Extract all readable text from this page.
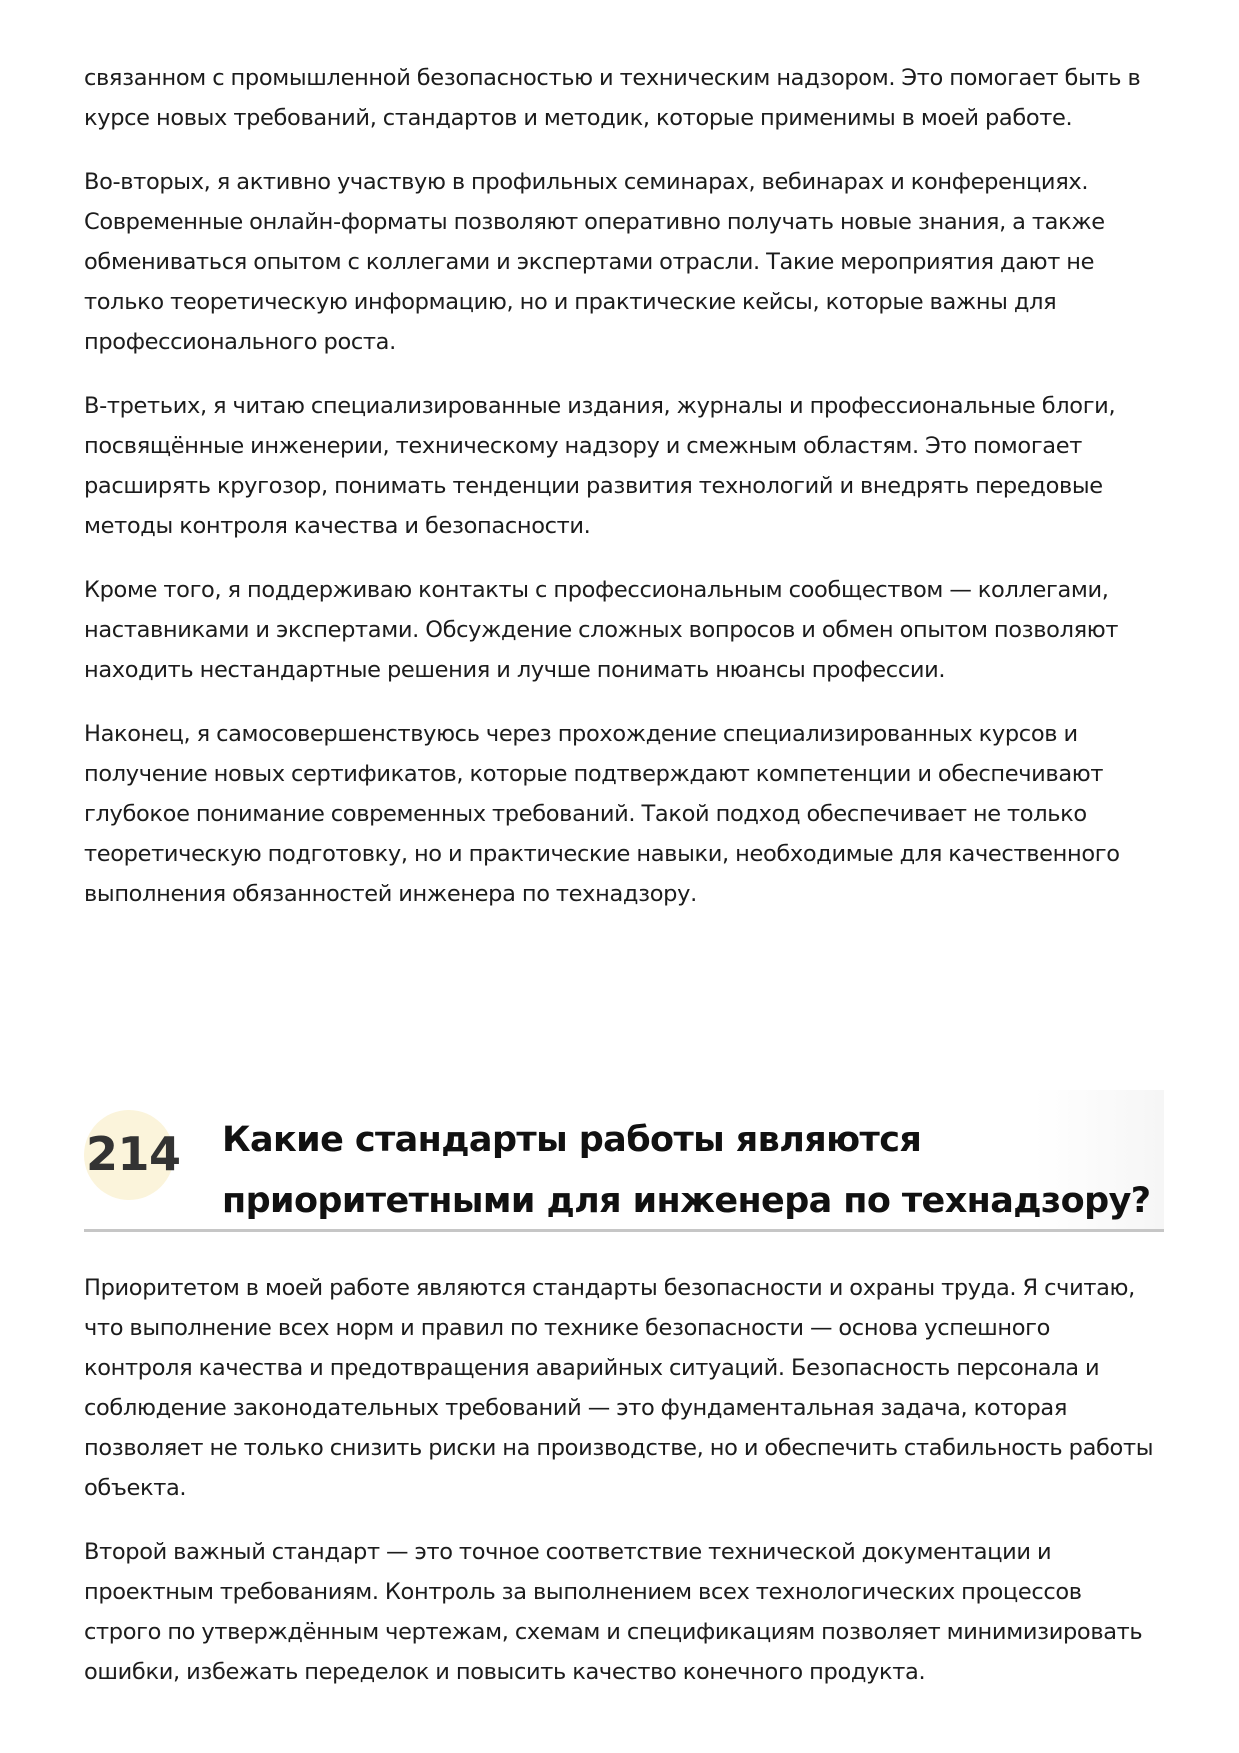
связанном с промышленной безопасностью и техническим надзором. Это помогает быть в курсе новых требований, стандартов и методик, которые применимы в моей работе.

Во-вторых, я активно участвую в профильных семинарах, вебинарах и конференциях. Современные онлайн-форматы позволяют оперативно получать новые знания, а также обмениваться опытом с коллегами и экспертами отрасли. Такие мероприятия дают не только теоретическую информацию, но и практические кейсы, которые важны для профессионального роста.

В-третьих, я читаю специализированные издания, журналы и профессиональные блоги, посвящённые инженерии, техническому надзору и смежным областям. Это помогает расширять кругозор, понимать тенденции развития технологий и внедрять передовые методы контроля качества и безопасности.

Кроме того, я поддерживаю контакты с профессиональным сообществом — коллегами, наставниками и экспертами. Обсуждение сложных вопросов и обмен опытом позволяют находить нестандартные решения и лучше понимать нюансы профессии.

Наконец, я самосовершенствуюсь через прохождение специализированных курсов и получение новых сертификатов, которые подтверждают компетенции и обеспечивают глубокое понимание современных требований. Такой подход обеспечивает не только теоретическую подготовку, но и практические навыки, необходимые для качественного выполнения обязанностей инженера по технадзору.

214 Какие стандарты работы являются приоритетными для инженера по технадзору?

Приоритетом в моей работе являются стандарты безопасности и охраны труда. Я считаю, что выполнение всех норм и правил по технике безопасности — основа успешного контроля качества и предотвращения аварийных ситуаций. Безопасность персонала и соблюдение законодательных требований — это фундаментальная задача, которая позволяет не только снизить риски на производстве, но и обеспечить стабильность работы объекта.

Второй важный стандарт — это точное соответствие технической документации и проектным требованиям. Контроль за выполнением всех технологических процессов строго по утверждённым чертежам, схемам и спецификациям позволяет минимизировать ошибки, избежать переделок и повысить качество конечного продукта.
